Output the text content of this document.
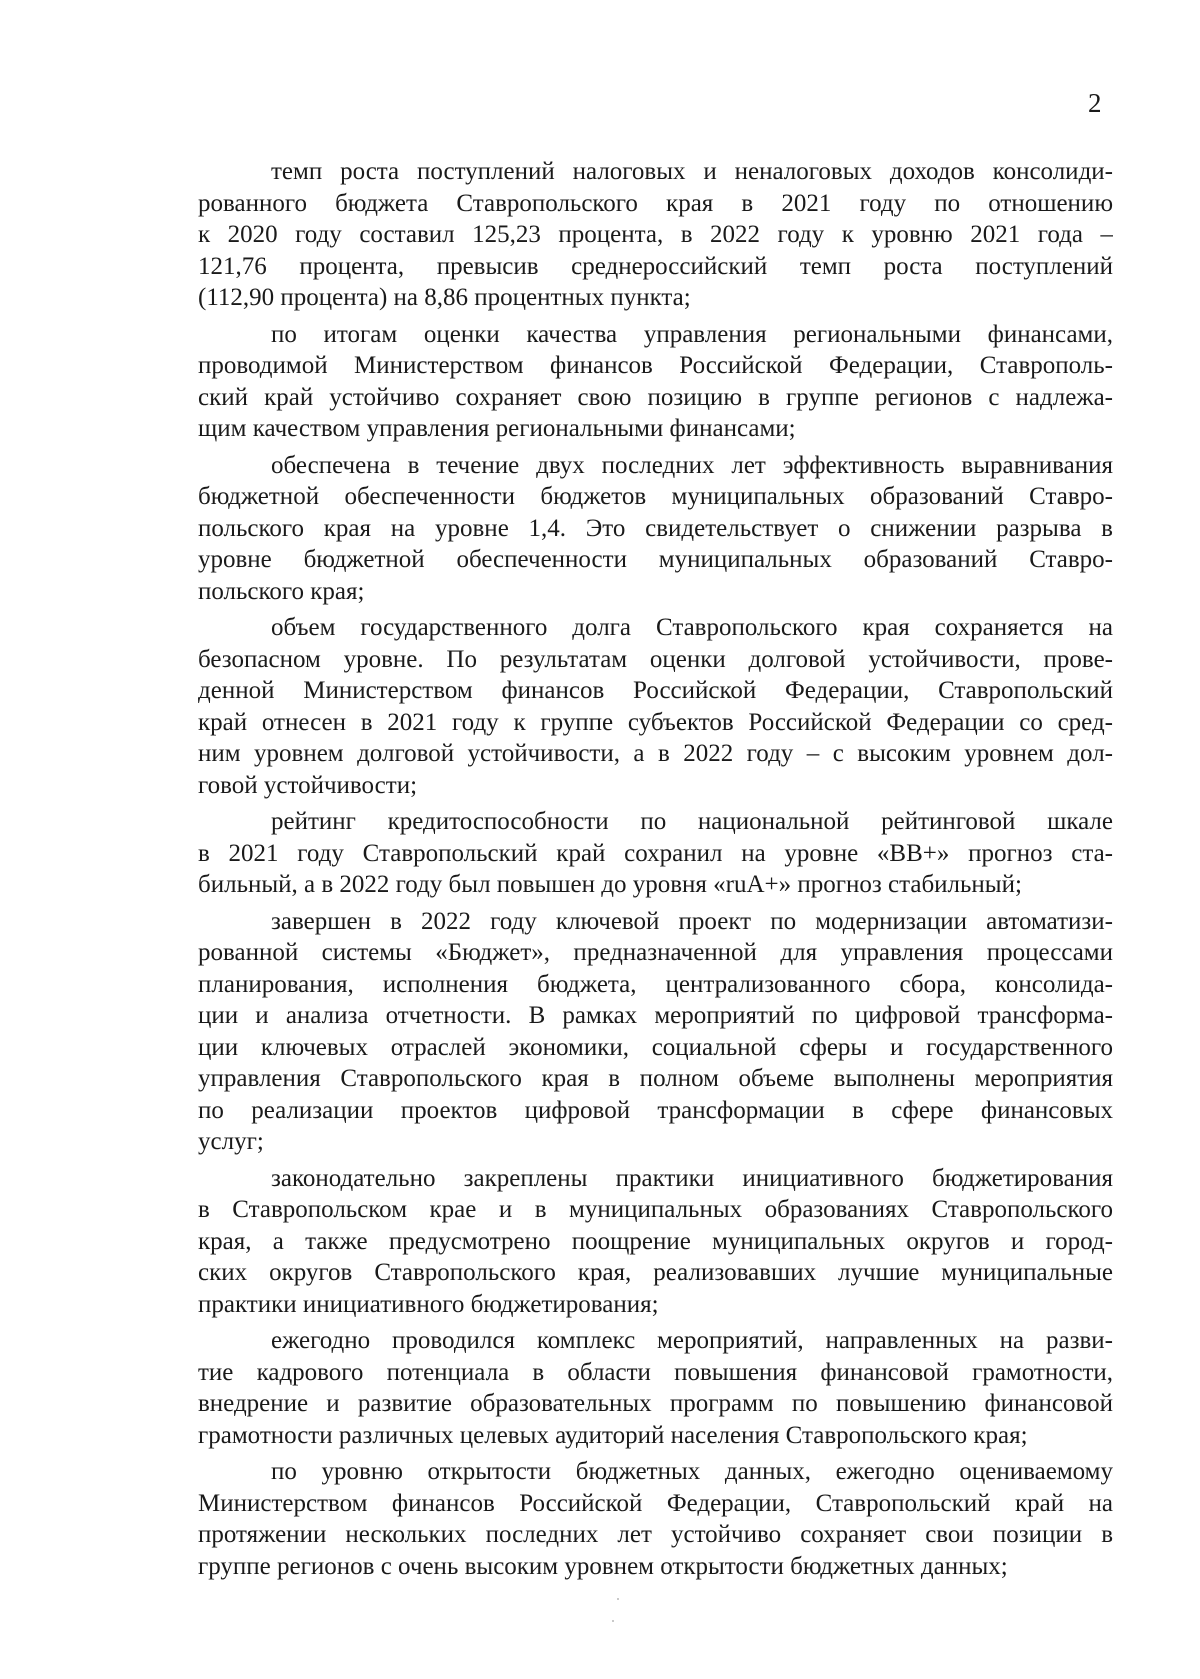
2
темп роста поступлений налоговых и неналоговых доходов консолиди-
рованного бюджета Ставропольского края в 2021 году по отношению
к 2020 году составил 125,23 процента, в 2022 году к уровню 2021 года –
121,76 процента, превысив среднероссийский темп роста поступлений
(112,90 процента) на 8,86 процентных пункта;
по итогам оценки качества управления региональными финансами,
проводимой Министерством финансов Российской Федерации, Ставрополь-
ский край устойчиво сохраняет свою позицию в группе регионов с надлежа-
щим качеством управления региональными финансами;
обеспечена в течение двух последних лет эффективность выравнивания
бюджетной обеспеченности бюджетов муниципальных образований Ставро-
польского края на уровне 1,4. Это свидетельствует о снижении разрыва в
уровне бюджетной обеспеченности муниципальных образований Ставро-
польского края;
объем государственного долга Ставропольского края сохраняется на
безопасном уровне. По результатам оценки долговой устойчивости, прове-
денной Министерством финансов Российской Федерации, Ставропольский
край отнесен в 2021 году к группе субъектов Российской Федерации со сред-
ним уровнем долговой устойчивости, а в 2022 году – с высоким уровнем дол-
говой устойчивости;
рейтинг кредитоспособности по национальной рейтинговой шкале
в 2021 году Ставропольский край сохранил на уровне «BB+» прогноз ста-
бильный, а в 2022 году был повышен до уровня «ruA+» прогноз стабильный;
завершен в 2022 году ключевой проект по модернизации автоматизи-
рованной системы «Бюджет», предназначенной для управления процессами
планирования, исполнения бюджета, централизованного сбора, консолида-
ции и анализа отчетности. В рамках мероприятий по цифровой трансформа-
ции ключевых отраслей экономики, социальной сферы и государственного
управления Ставропольского края в полном объеме выполнены мероприятия
по реализации проектов цифровой трансформации в сфере финансовых
услуг;
законодательно закреплены практики инициативного бюджетирования
в Ставропольском крае и в муниципальных образованиях Ставропольского
края, а также предусмотрено поощрение муниципальных округов и город-
ских округов Ставропольского края, реализовавших лучшие муниципальные
практики инициативного бюджетирования;
ежегодно проводился комплекс мероприятий, направленных на разви-
тие кадрового потенциала в области повышения финансовой грамотности,
внедрение и развитие образовательных программ по повышению финансовой
грамотности различных целевых аудиторий населения Ставропольского края;
по уровню открытости бюджетных данных, ежегодно оцениваемому
Министерством финансов Российской Федерации, Ставропольский край на
протяжении нескольких последних лет устойчиво сохраняет свои позиции в
группе регионов с очень высоким уровнем открытости бюджетных данных;
